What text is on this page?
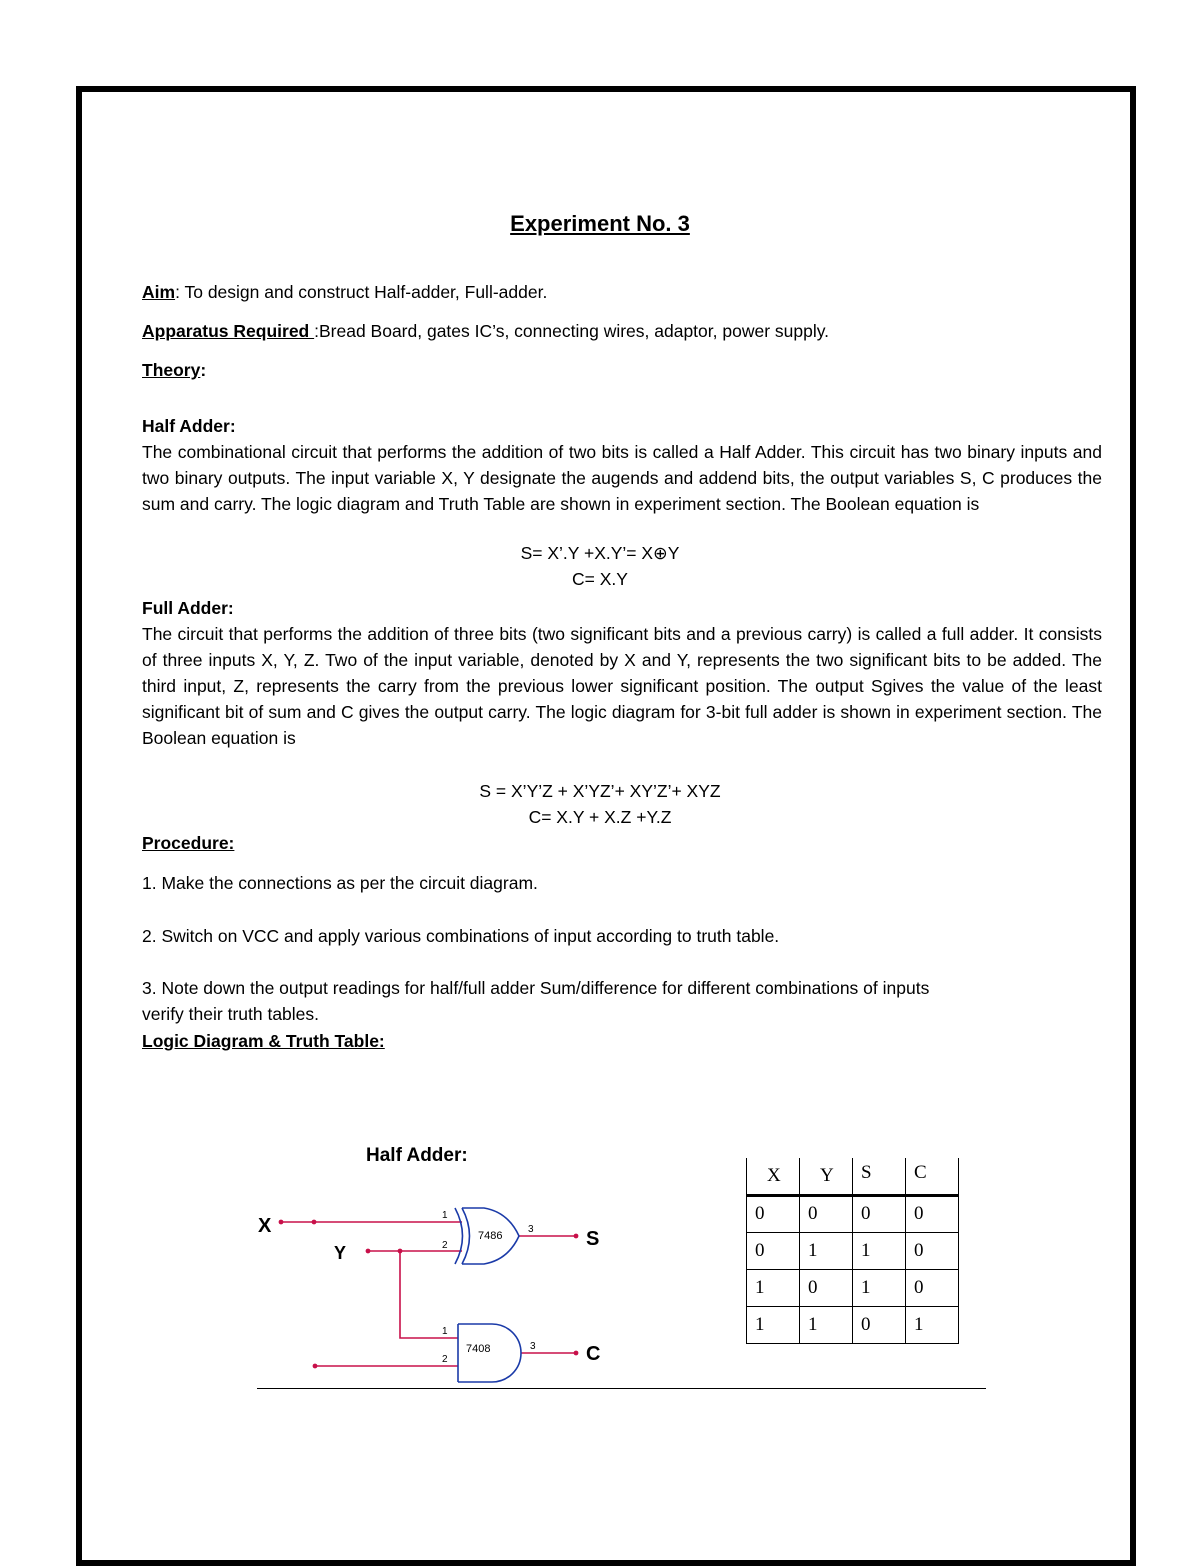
Experiment No. 3
Aim: To design and construct Half-adder, Full-adder.
Apparatus Required :Bread Board, gates IC’s, connecting wires, adaptor, power supply.
Theory:
Half Adder:
The combinational circuit that performs the addition of two bits is called a Half Adder. This circuit has two binary inputs and two binary outputs. The input variable X, Y designate the augends and addend bits, the output variables S, C produces the sum and carry. The logic diagram and Truth Table are shown in experiment section. The Boolean equation is
S= X’.Y +X.Y’= X⊕Y
C= X.Y
Full Adder:
The circuit that performs the addition of three bits (two significant bits and a previous carry) is called a full adder. It consists of three inputs X, Y, Z. Two of the input variable, denoted by X and Y, represents the two significant bits to be added. The third input, Z, represents the carry from the previous lower significant position. The output Sgives the value of the least significant bit of sum and C gives the output carry. The logic diagram for 3-bit full adder is shown in experiment section. The Boolean equation is
S = X’Y’Z + X’YZ’+ XY’Z’+ XYZ
C= X.Y + X.Z +Y.Z
Procedure:
1. Make the connections as per the circuit diagram.
2. Switch on VCC and apply various combinations of input according to truth table.
3. Note down the output readings for half/full adder Sum/difference for different combinations of inputs
verify their truth tables.
Logic Diagram & Truth Table:
Half Adder:
X
Y
S
C
7486
1
2
3
7408
1
2
3
X	Y	S	C
0	0	0	0
0	1	1	0
1	0	1	0
1	1	0	1
